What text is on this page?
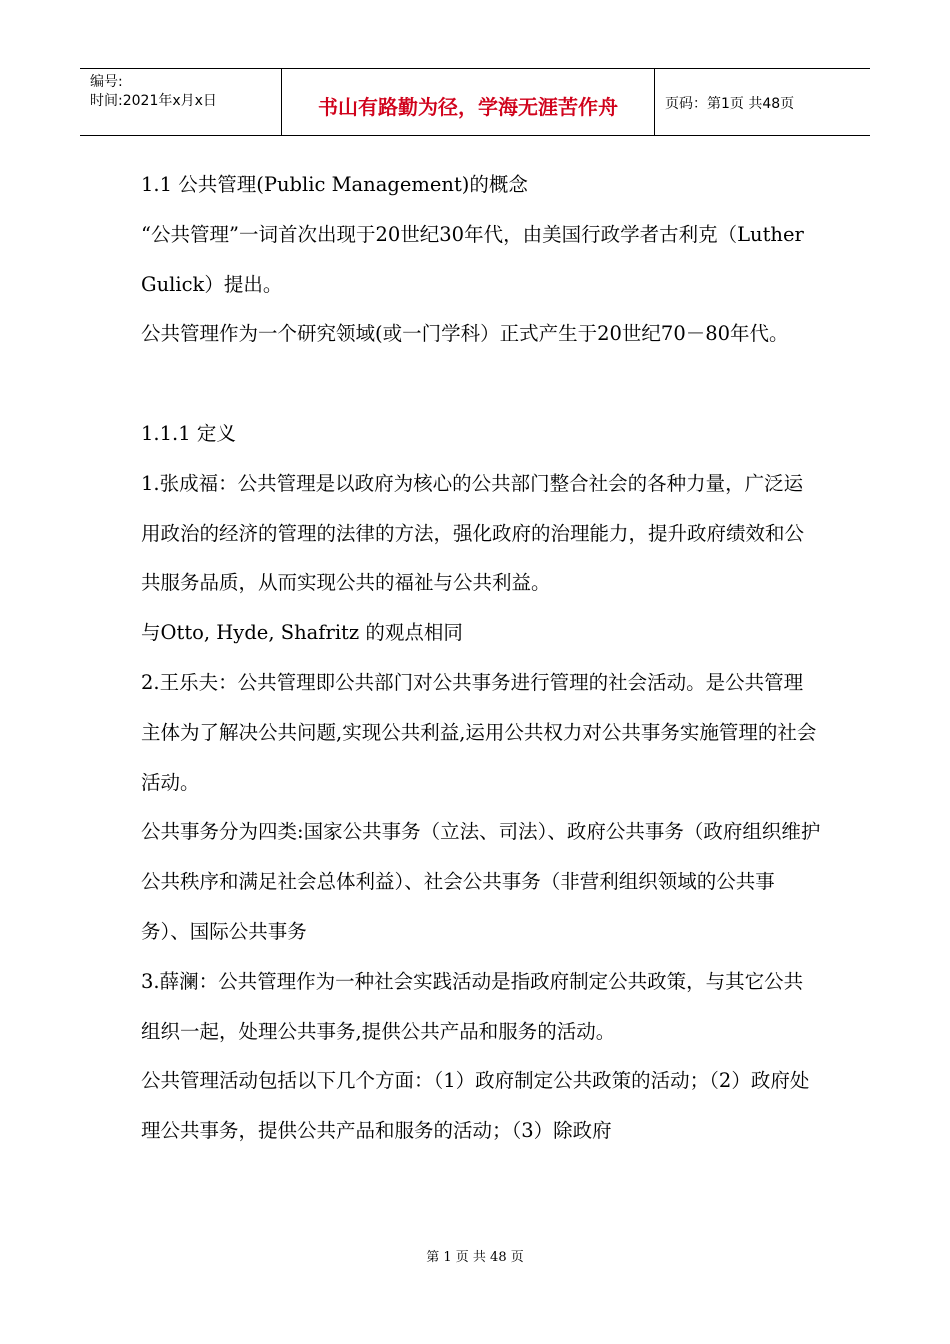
编号:
时间:2021年x月x日	书山有路勤为径，学海无涯苦作舟	页码：第1页 共48页

1.1 公共管理(Public Management)的概念

“公共管理”一词首次出现于20世纪30年代，由美国行政学者古利克（Luther Gulick）提出。

公共管理作为一个研究领域(或一门学科）正式产生于20世纪70－80年代。

1.1.1 定义

1.张成福：公共管理是以政府为核心的公共部门整合社会的各种力量，广泛运用政治的经济的管理的法律的方法，强化政府的治理能力，提升政府绩效和公共服务品质，从而实现公共的福祉与公共利益。

与Otto, Hyde, Shafritz 的观点相同

2.王乐夫：公共管理即公共部门对公共事务进行管理的社会活动。是公共管理主体为了解决公共问题,实现公共利益,运用公共权力对公共事务实施管理的社会活动。

公共事务分为四类:国家公共事务（立法、司法）、政府公共事务（政府组织维护公共秩序和满足社会总体利益）、社会公共事务（非营利组织领域的公共事务）、国际公共事务

3.薛澜：公共管理作为一种社会实践活动是指政府制定公共政策，与其它公共组织一起，处理公共事务,提供公共产品和服务的活动。

公共管理活动包括以下几个方面：（1）政府制定公共政策的活动；（2）政府处理公共事务，提供公共产品和服务的活动；（3）除政府

第 1 页 共 48 页
